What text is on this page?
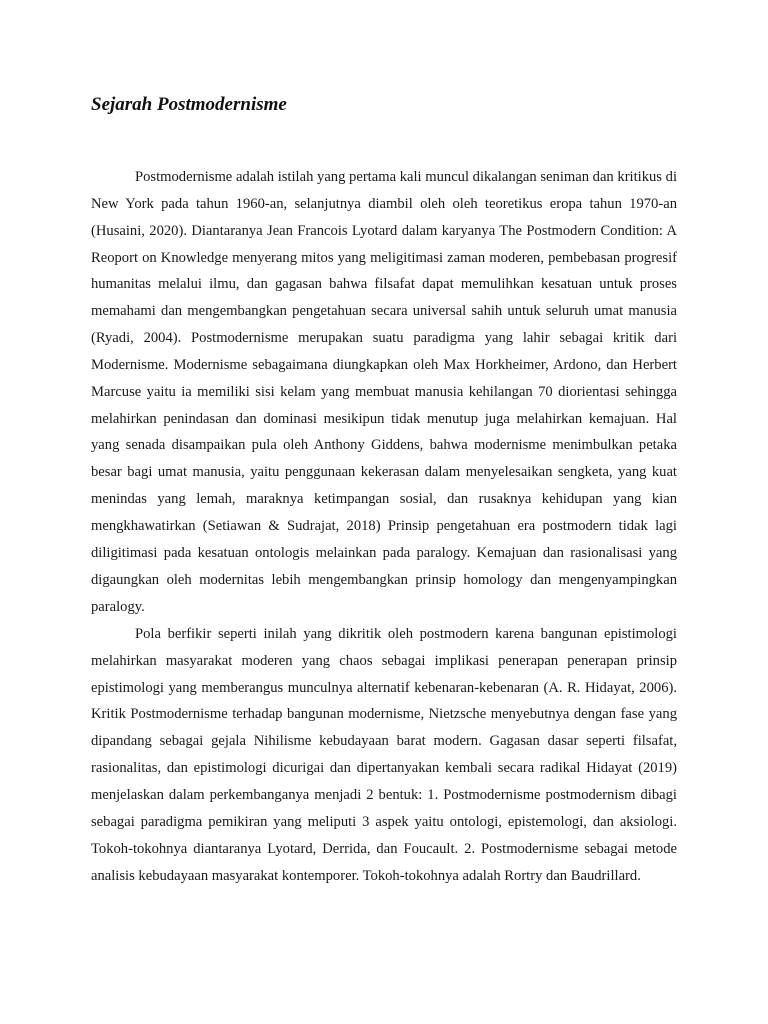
Sejarah Postmodernisme

Postmodernisme adalah istilah yang pertama kali muncul dikalangan seniman dan kritikus di New York pada tahun 1960-an, selanjutnya diambil oleh oleh teoretikus eropa tahun 1970-an (Husaini, 2020). Diantaranya Jean Francois Lyotard dalam karyanya The Postmodern Condition: A Reoport on Knowledge menyerang mitos yang meligitimasi zaman moderen, pembebasan progresif humanitas melalui ilmu, dan gagasan bahwa filsafat dapat memulihkan kesatuan untuk proses memahami dan mengembangkan pengetahuan secara universal sahih untuk seluruh umat manusia (Ryadi, 2004). Postmodernisme merupakan suatu paradigma yang lahir sebagai kritik dari Modernisme. Modernisme sebagaimana diungkapkan oleh Max Horkheimer, Ardono, dan Herbert Marcuse yaitu ia memiliki sisi kelam yang membuat manusia kehilangan 70 diorientasi sehingga melahirkan penindasan dan dominasi mesikipun tidak menutup juga melahirkan kemajuan. Hal yang senada disampaikan pula oleh Anthony Giddens, bahwa modernisme menimbulkan petaka besar bagi umat manusia, yaitu penggunaan kekerasan dalam menyelesaikan sengketa, yang kuat menindas yang lemah, maraknya ketimpangan sosial, dan rusaknya kehidupan yang kian mengkhawatirkan (Setiawan & Sudrajat, 2018) Prinsip pengetahuan era postmodern tidak lagi diligitimasi pada kesatuan ontologis melainkan pada paralogy. Kemajuan dan rasionalisasi yang digaungkan oleh modernitas lebih mengembangkan prinsip homology dan mengenyampingkan paralogy.

Pola berfikir seperti inilah yang dikritik oleh postmodern karena bangunan epistimologi melahirkan masyarakat moderen yang chaos sebagai implikasi penerapan penerapan prinsip epistimologi yang memberangus munculnya alternatif kebenaran-kebenaran (A. R. Hidayat, 2006). Kritik Postmodernisme terhadap bangunan modernisme, Nietzsche menyebutnya dengan fase yang dipandang sebagai gejala Nihilisme kebudayaan barat modern. Gagasan dasar seperti filsafat, rasionalitas, dan epistimologi dicurigai dan dipertanyakan kembali secara radikal Hidayat (2019) menjelaskan dalam perkembanganya menjadi 2 bentuk: 1. Postmodernisme postmodernism dibagi sebagai paradigma pemikiran yang meliputi 3 aspek yaitu ontologi, epistemologi, dan aksiologi. Tokoh-tokohnya diantaranya Lyotard, Derrida, dan Foucault. 2. Postmodernisme sebagai metode analisis kebudayaan masyarakat kontemporer. Tokoh-tokohnya adalah Rortry dan Baudrillard.
